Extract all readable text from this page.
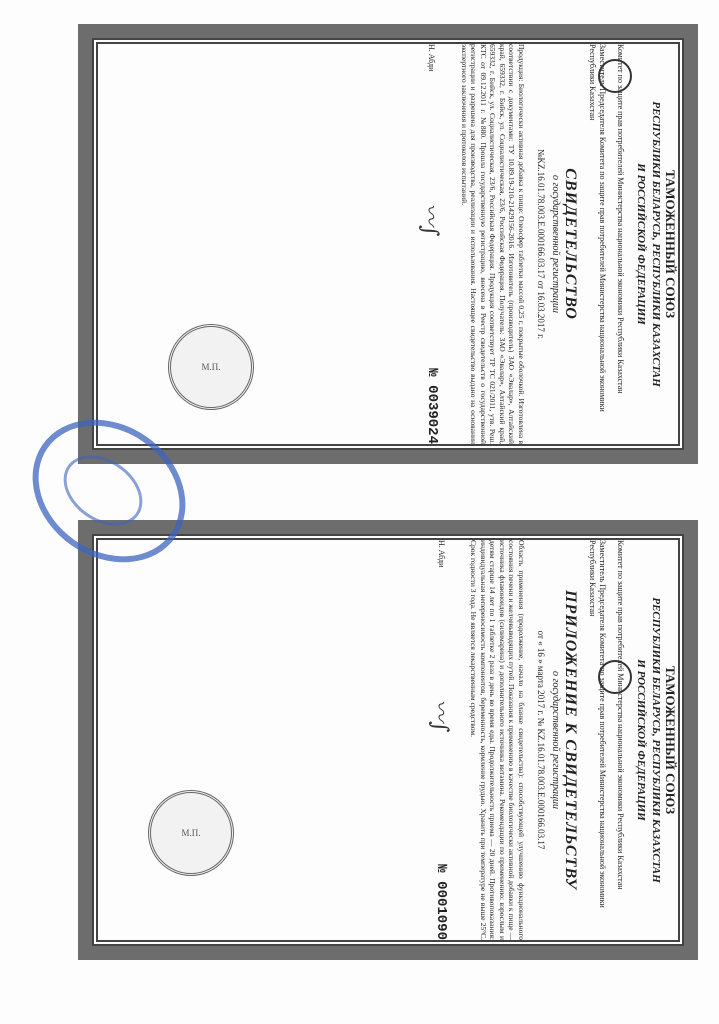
ТАМОЖЕННЫЙ СОЮЗ
РЕСПУБЛИКИ БЕЛАРУСЬ, РЕСПУБЛИКИ КАЗАХСТАН
И РОССИЙСКОЙ ФЕДЕРАЦИИ
Комитет по защите прав потребителей Министерства национальной экономики Республики Казахстан
Заместитель Председателя Комитета по защите прав потребителей Министерства национальной экономики Республики Казахстан
СВИДЕТЕЛЬСТВО
о государственной регистрации
№KZ.16.01.78.003.E.000166.03.17 от 16.03.2017 г.
Продукция: Биологически активная добавка к пище: Олеосфер таблетки массой 0,25 г, покрытые оболочкой. Изготовлена в соответствии с документами: ТУ 10.89.19-210-21429156-2016. Изготовитель (производитель) ЗАО «Эвалар», Алтайский край, 659332, г. Бийск, ул. Социалистическая, 23/6, Российская Федерация. Получатель: ЗАО «Эвалар», Алтайский край, 659332, г. Бийск, ул. Социалистическая, 23/6, Российская Федерация. Продукция соответствует ТР ТС 021/2011, утв. Реш. КТС от 09.12.2011 г. №880. Прошла государственную регистрацию, внесена в Реестр свидетельств о государственной регистрации и разрешена для производства, реализации и использования. Настоящее свидетельство выдано на основании экспертного заключения и протоколов испытаний.
Н. Абди
〰∫
№ 0039024
М.П.
ТАМОЖЕННЫЙ СОЮЗ
РЕСПУБЛИКИ БЕЛАРУСЬ, РЕСПУБЛИКИ КАЗАХСТАН
И РОССИЙСКОЙ ФЕДЕРАЦИИ
Комитет по защите прав потребителей Министерства национальной экономики Республики Казахстан
Заместитель Председателя Комитета по защите прав потребителей Министерства национальной экономики Республики Казахстан
ПРИЛОЖЕНИЕ К СВИДЕТЕЛЬСТВУ
о государственной регистрации
от « 16 » марта 2017 г. № KZ.16.01.78.003.E.000166.03.17
Область применения (продолжение, начало на бланке свидетельства): способствующей улучшению функционального состояния печени и желчевыводящих путей. Показания к применению в качестве биологически активной добавки к пище — источника флавоноидов (силимарина) и дополнительного источника витамина. Рекомендации по применению: взрослым и детям старше 14 лет по 1 таблетке 2 раза в день во время еды. Продолжительность приема — 20 дней. Противопоказания: индивидуальная непереносимость компонентов, беременность, кормление грудью. Хранить при температуре не выше 25°С. Срок годности 3 года. Не является лекарственным средством.
Н. Абди
〰∫
№ 0001090
М.П.
